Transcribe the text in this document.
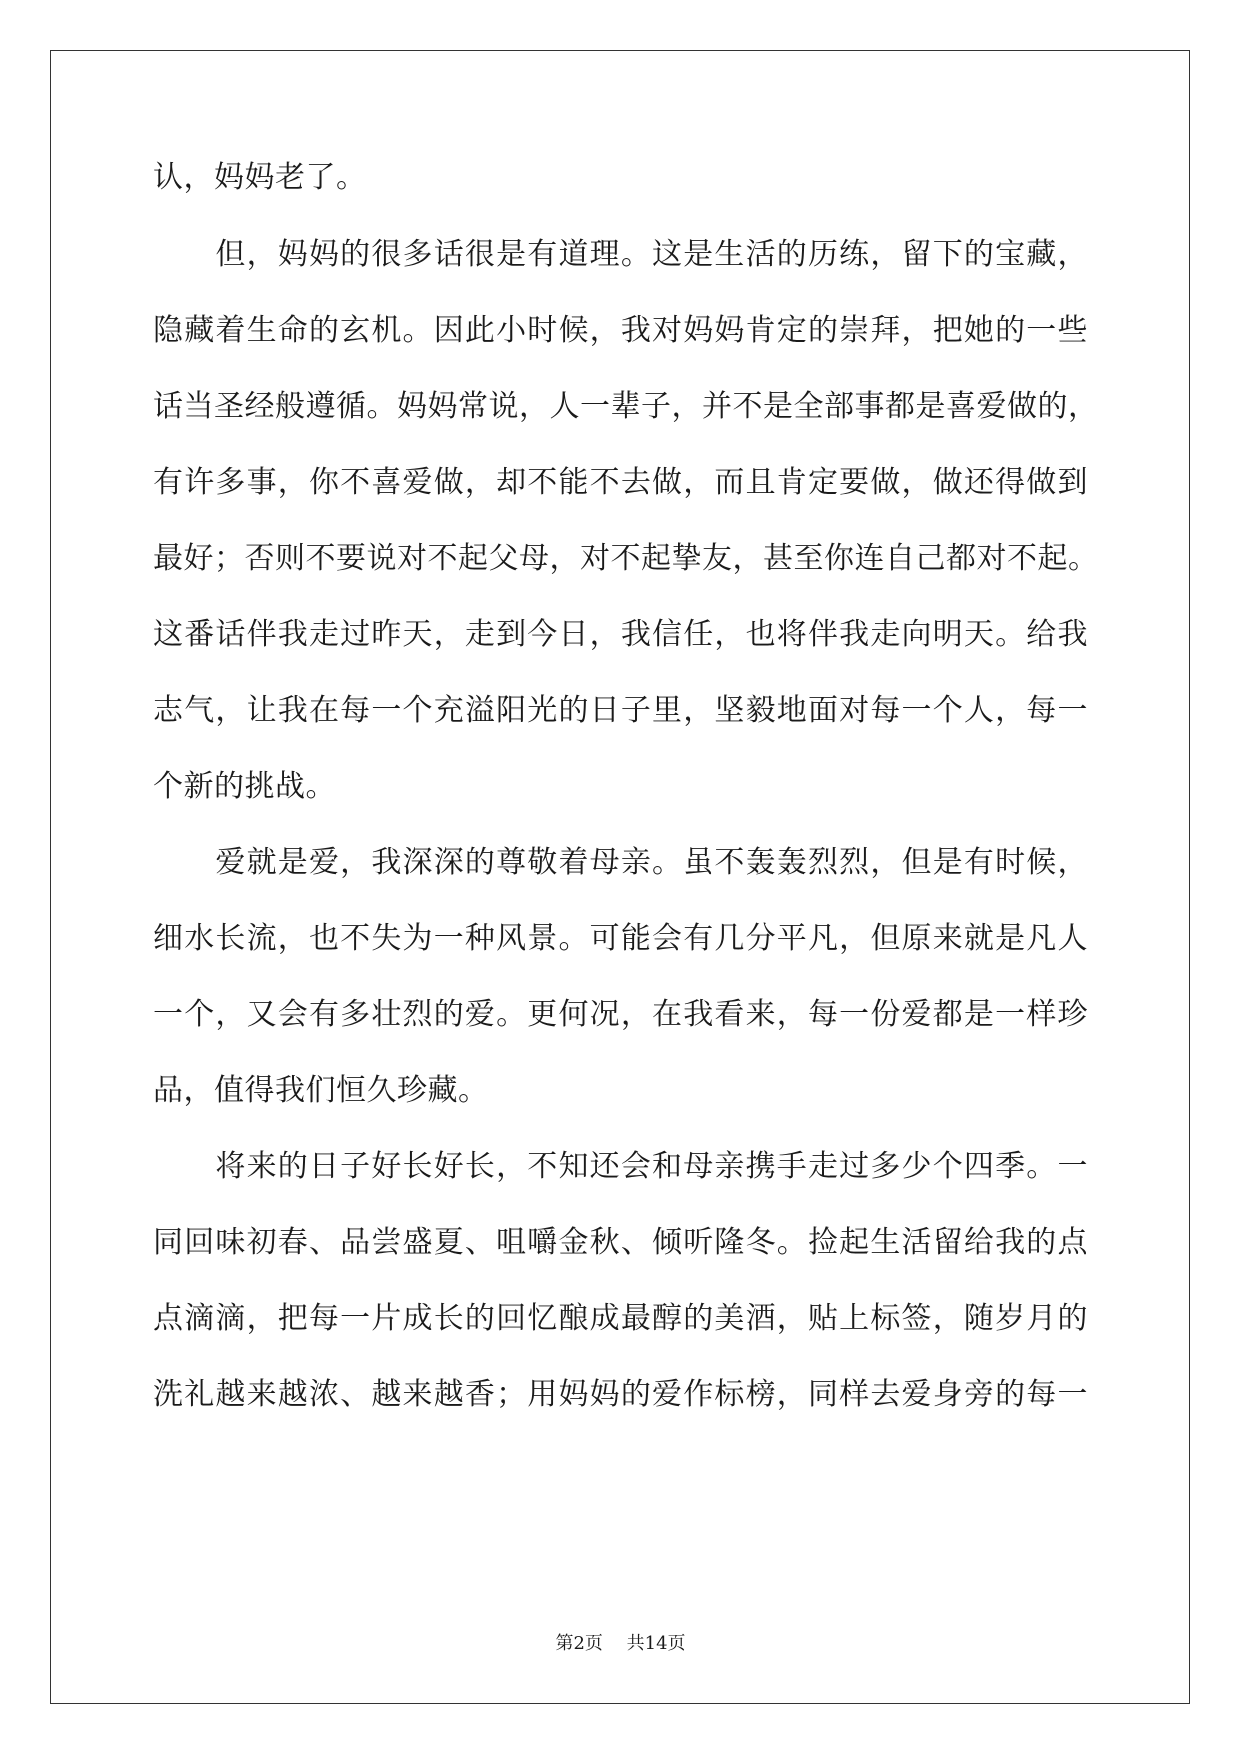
认，妈妈老了。
　　但，妈妈的很多话很是有道理。这是生活的历练，留下的宝藏，
隐藏着生命的玄机。因此小时候，我对妈妈肯定的崇拜，把她的一些
话当圣经般遵循。妈妈常说，人一辈子，并不是全部事都是喜爱做的，
有许多事，你不喜爱做，却不能不去做，而且肯定要做，做还得做到
最好；否则不要说对不起父母，对不起挚友，甚至你连自己都对不起。
这番话伴我走过昨天，走到今日，我信任，也将伴我走向明天。给我
志气，让我在每一个充溢阳光的日子里，坚毅地面对每一个人，每一
个新的挑战。
　　爱就是爱，我深深的尊敬着母亲。虽不轰轰烈烈，但是有时候，
细水长流，也不失为一种风景。可能会有几分平凡，但原来就是凡人
一个，又会有多壮烈的爱。更何况，在我看来，每一份爱都是一样珍
品，值得我们恒久珍藏。
　　将来的日子好长好长，不知还会和母亲携手走过多少个四季。一
同回味初春、品尝盛夏、咀嚼金秋、倾听隆冬。捡起生活留给我的点
点滴滴，把每一片成长的回忆酿成最醇的美酒，贴上标签，随岁月的
洗礼越来越浓、越来越香；用妈妈的爱作标榜，同样去爱身旁的每一
第2页　 共14页
